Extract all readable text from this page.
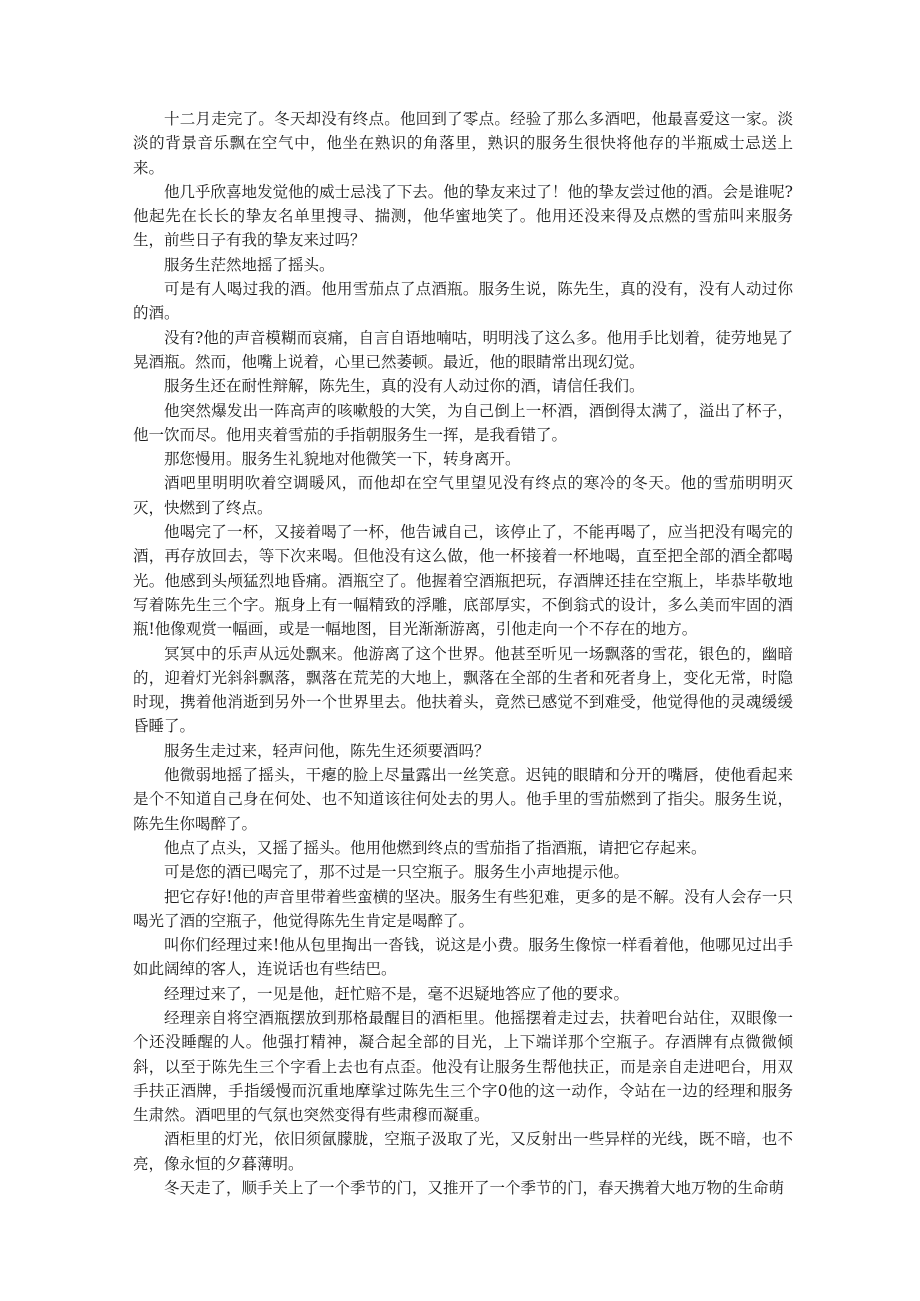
十二月走完了。冬天却没有终点。他回到了零点。经验了那么多酒吧，他最喜爱这一家。淡淡的背景音乐飘在空气中，他坐在熟识的角落里，熟识的服务生很快将他存的半瓶威士忌送上来。

他几乎欣喜地发觉他的威士忌浅了下去。他的挚友来过了！他的挚友尝过他的酒。会是谁呢?他起先在长长的挚友名单里搜寻、揣测，他华蜜地笑了。他用还没来得及点燃的雪茄叫来服务生，前些日子有我的挚友来过吗？

服务生茫然地摇了摇头。

可是有人喝过我的酒。他用雪茄点了点酒瓶。服务生说，陈先生，真的没有，没有人动过你的酒。

没有?他的声音模糊而哀痛，自言自语地喃咕，明明浅了这么多。他用手比划着，徒劳地晃了晃酒瓶。然而，他嘴上说着，心里已然萎顿。最近，他的眼睛常出现幻觉。

服务生还在耐性辩解，陈先生，真的没有人动过你的酒，请信任我们。

他突然爆发出一阵高声的咳嗽般的大笑，为自己倒上一杯酒，酒倒得太满了，溢出了杯子，他一饮而尽。他用夹着雪茄的手指朝服务生一挥，是我看错了。

那您慢用。服务生礼貌地对他微笑一下，转身离开。

酒吧里明明吹着空调暖风，而他却在空气里望见没有终点的寒冷的冬天。他的雪茄明明灭灭，快燃到了终点。

他喝完了一杯，又接着喝了一杯，他告诫自己，该停止了，不能再喝了，应当把没有喝完的酒，再存放回去，等下次来喝。但他没有这么做，他一杯接着一杯地喝，直至把全部的酒全都喝光。他感到头颅猛烈地昏痛。酒瓶空了。他握着空酒瓶把玩，存酒牌还挂在空瓶上，毕恭毕敬地写着陈先生三个字。瓶身上有一幅精致的浮雕，底部厚实，不倒翁式的设计，多么美而牢固的酒瓶!他像观赏一幅画，或是一幅地图，目光渐渐游离，引他走向一个不存在的地方。

冥冥中的乐声从远处飘来。他游离了这个世界。他甚至听见一场飘落的雪花，银色的，幽暗的，迎着灯光斜斜飘落，飘落在荒芜的大地上，飘落在全部的生者和死者身上，变化无常，时隐时现，携着他消逝到另外一个世界里去。他扶着头，竟然已感觉不到难受，他觉得他的灵魂缓缓昏睡了。

服务生走过来，轻声问他，陈先生还须要酒吗？

他微弱地摇了摇头，干瘪的脸上尽量露出一丝笑意。迟钝的眼睛和分开的嘴唇，使他看起来是个不知道自己身在何处、也不知道该往何处去的男人。他手里的雪茄燃到了指尖。服务生说，陈先生你喝醉了。

他点了点头，又摇了摇头。他用他燃到终点的雪茄指了指酒瓶，请把它存起来。

可是您的酒已喝完了，那不过是一只空瓶子。服务生小声地提示他。

把它存好!他的声音里带着些蛮横的坚决。服务生有些犯难，更多的是不解。没有人会存一只喝光了酒的空瓶子，他觉得陈先生肯定是喝醉了。

叫你们经理过来!他从包里掏出一沓钱，说这是小费。服务生像惊一样看着他，他哪见过出手如此阔绰的客人，连说话也有些结巴。

经理过来了，一见是他，赶忙赔不是，毫不迟疑地答应了他的要求。

经理亲自将空酒瓶摆放到那格最醒目的酒柜里。他摇摆着走过去，扶着吧台站住，双眼像一个还没睡醒的人。他强打精神，凝合起全部的目光，上下端详那个空瓶子。存酒牌有点微微倾斜，以至于陈先生三个字看上去也有点歪。他没有让服务生帮他扶正，而是亲自走进吧台，用双手扶正酒牌，手指缓慢而沉重地摩挲过陈先生三个字0他的这一动作，令站在一边的经理和服务生肃然。酒吧里的气氛也突然变得有些肃穆而凝重。

酒柜里的灯光，依旧须氤朦胧，空瓶子汲取了光，又反射出一些异样的光线，既不暗，也不亮，像永恒的夕暮薄明。

冬天走了，顺手关上了一个季节的门，又推开了一个季节的门，春天携着大地万物的生命萌
